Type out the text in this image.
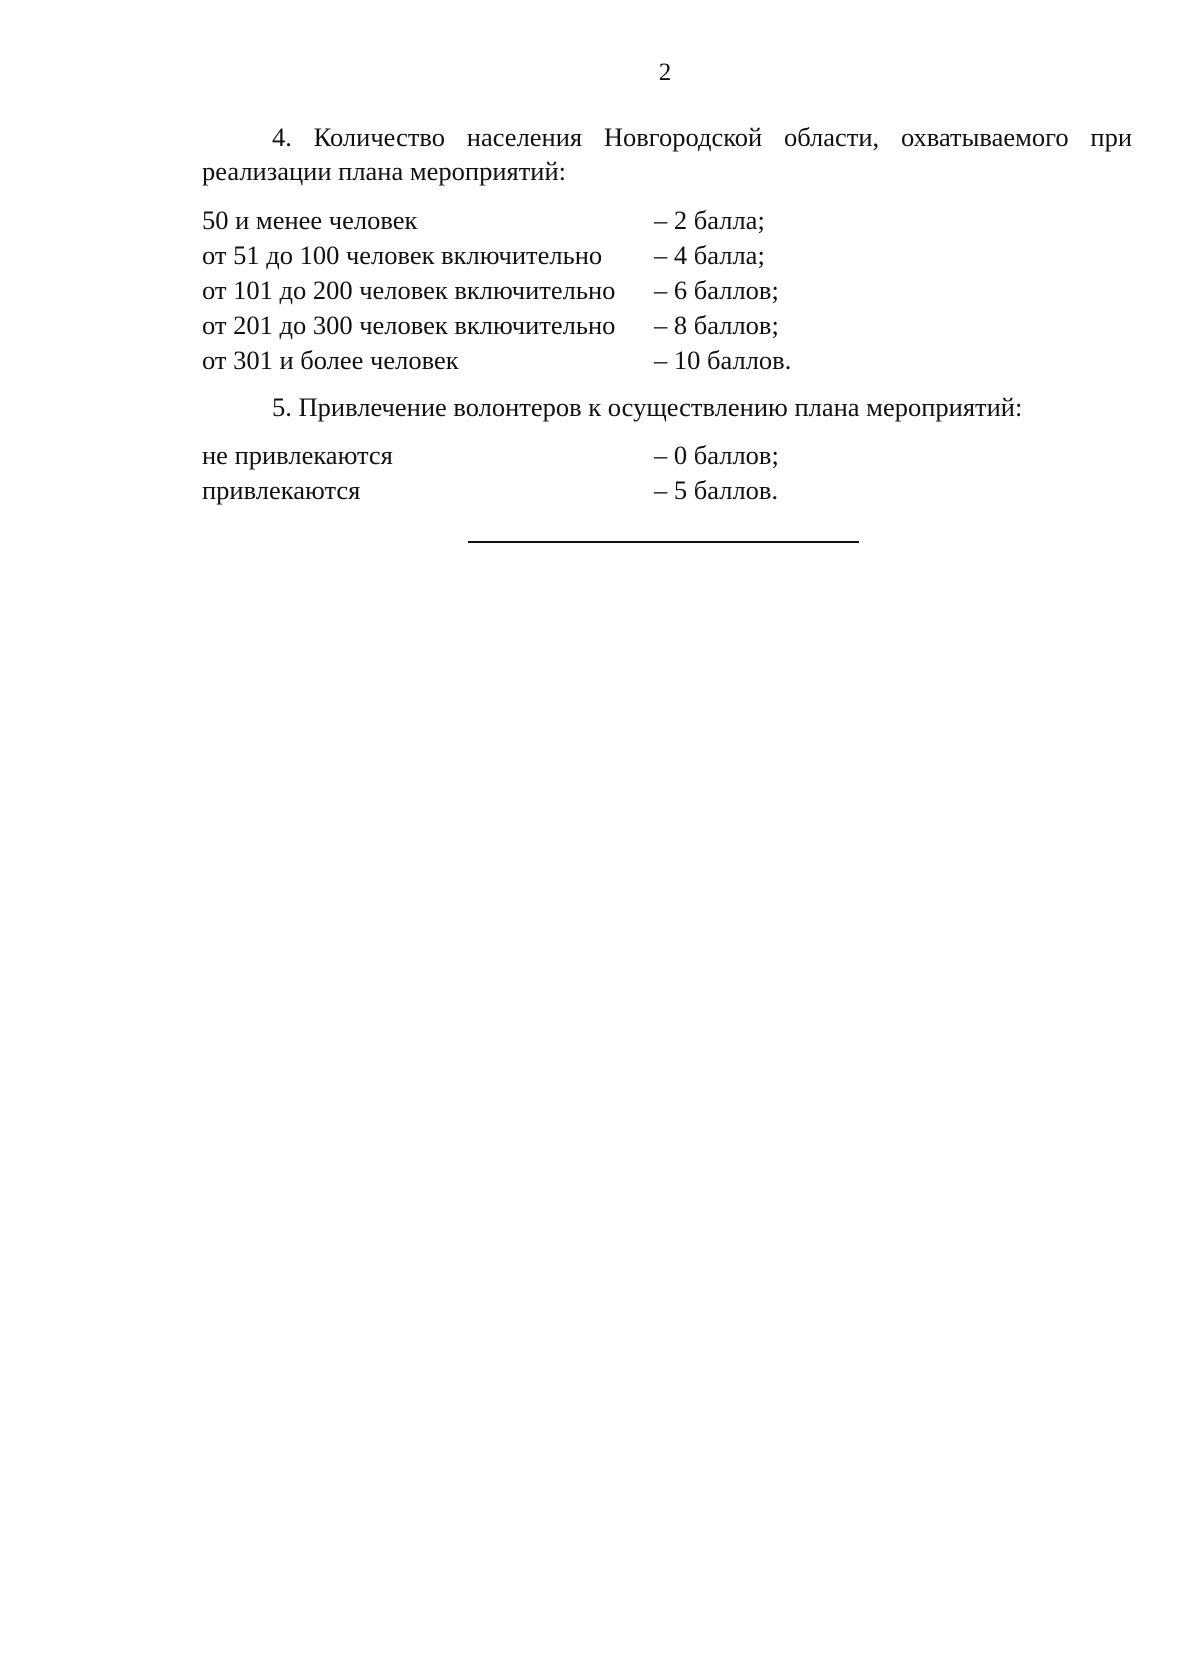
2
4. Количество населения Новгородской области, охватываемого при
реализации плана мероприятий:
50 и менее человек	– 2 балла;
от 51 до 100 человек включительно – 4 балла;
от 101 до 200 человек включительно – 6 баллов;
от 201 до 300 человек включительно – 8 баллов;
от 301 и более человек	– 10 баллов.
5. Привлечение волонтеров к осуществлению плана мероприятий:
не привлекаются	– 0 баллов;
привлекаются	– 5 баллов.
